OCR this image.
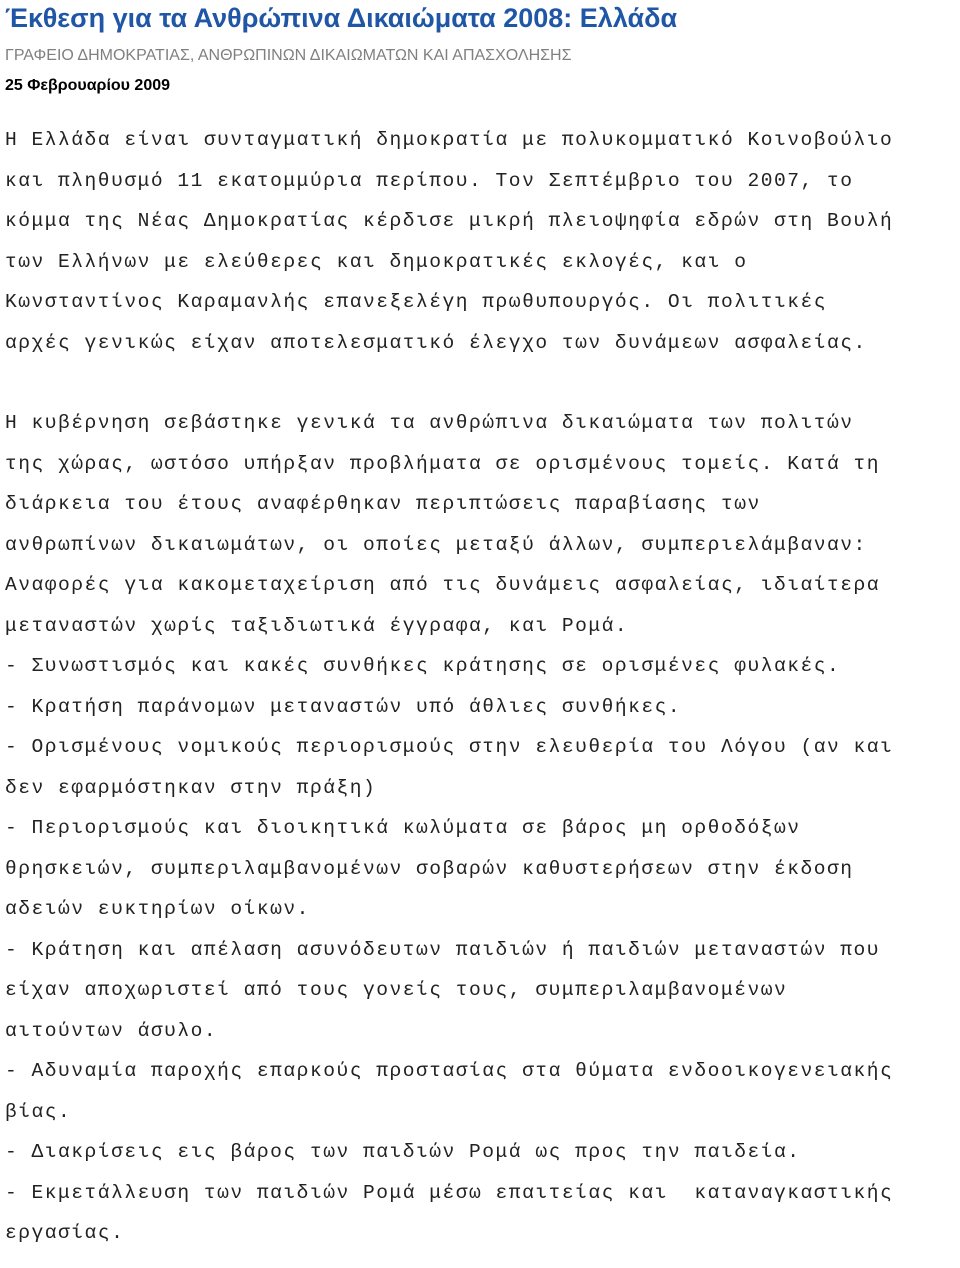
Έκθεση για τα Ανθρώπινα Δικαιώματα 2008: Ελλάδα
ΓΡΑΦΕΙΟ ΔΗΜΟΚΡΑΤΙΑΣ, ΑΝΘΡΩΠΙΝΩΝ ΔΙΚΑΙΩΜΑΤΩΝ ΚΑΙ ΑΠΑΣΧΟΛΗΣΗΣ
25 Φεβρουαρίου 2009
Η Ελλάδα είναι συνταγματική δημοκρατία με πολυκομματικό Κοινοβούλιο
και πληθυσμό 11 εκατομμύρια περίπου. Τον Σεπτέμβριο του 2007, το
κόμμα της Νέας Δημοκρατίας κέρδισε μικρή πλειοψηφία εδρών στη Βουλή
των Ελλήνων με ελεύθερες και δημοκρατικές εκλογές, και ο
Κωνσταντίνος Καραμανλής επανεξελέγη πρωθυπουργός. Οι πολιτικές
αρχές γενικώς είχαν αποτελεσματικό έλεγχο των δυνάμεων ασφαλείας.
Η κυβέρνηση σεβάστηκε γενικά τα ανθρώπινα δικαιώματα των πολιτών
της χώρας, ωστόσο υπήρξαν προβλήματα σε ορισμένους τομείς. Κατά τη
διάρκεια του έτους αναφέρθηκαν περιπτώσεις παραβίασης των
ανθρωπίνων δικαιωμάτων, οι οποίες μεταξύ άλλων, συμπεριελάμβαναν:
Αναφορές για κακομεταχείριση από τις δυνάμεις ασφαλείας, ιδιαίτερα
μεταναστών χωρίς ταξιδιωτικά έγγραφα, και Ρομά.
- Συνωστισμός και κακές συνθήκες κράτησης σε ορισμένες φυλακές.
- Κρατήση παράνομων μεταναστών υπό άθλιες συνθήκες.
- Ορισμένους νομικούς περιορισμούς στην ελευθερία του Λόγου (αν και
δεν εφαρμόστηκαν στην πράξη)
- Περιορισμούς και διοικητικά κωλύματα σε βάρος μη ορθοδόξων
θρησκειών, συμπεριλαμβανομένων σοβαρών καθυστερήσεων στην έκδοση
αδειών ευκτηρίων οίκων.
- Κράτηση και απέλαση ασυνόδευτων παιδιών ή παιδιών μεταναστών που
είχαν αποχωριστεί από τους γονείς τους, συμπεριλαμβανομένων
αιτούντων άσυλο.
- Αδυναμία παροχής επαρκούς προστασίας στα θύματα ενδοοικογενειακής
βίας.
- Διακρίσεις εις βάρος των παιδιών Ρομά ως προς την παιδεία.
- Εκμετάλλευση των παιδιών Ρομά μέσω επαιτείας και  καταναγκαστικής
εργασίας.
